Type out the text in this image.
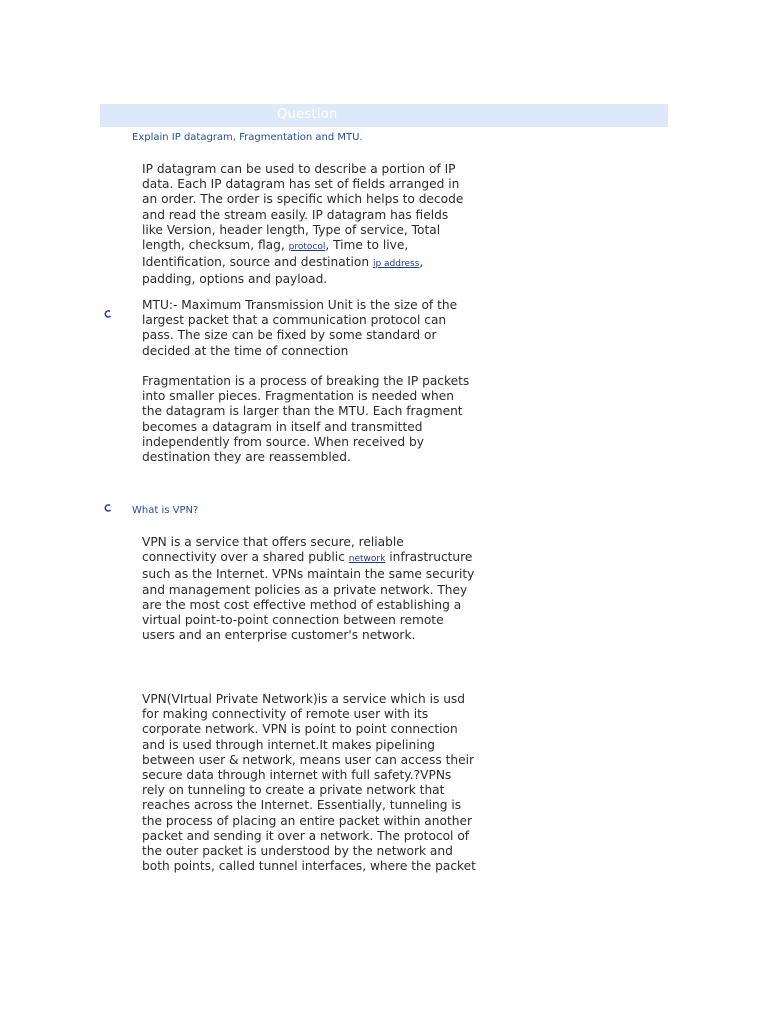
Question
Explain IP datagram, Fragmentation and MTU.

IP datagram can be used to describe a portion of IP
data. Each IP datagram has set of fields arranged in
an order. The order is specific which helps to decode
and read the stream easily. IP datagram has fields
like Version, header length, Type of service, Total
length, checksum, flag, protocol, Time to live,
Identification, source and destination ip address,
padding, options and payload.

MTU:- Maximum Transmission Unit is the size of the
largest packet that a communication protocol can
pass. The size can be fixed by some standard or
decided at the time of connection

Fragmentation is a process of breaking the IP packets
into smaller pieces. Fragmentation is needed when
the datagram is larger than the MTU. Each fragment
becomes a datagram in itself and transmitted
independently from source. When received by
destination they are reassembled.

What is VPN?

VPN is a service that offers secure, reliable
connectivity over a shared public network infrastructure
such as the Internet. VPNs maintain the same security
and management policies as a private network. They
are the most cost effective method of establishing a
virtual point-to-point connection between remote
users and an enterprise customer's network.

VPN(VIrtual Private Network)is a service which is usd
for making connectivity of remote user with its
corporate network. VPN is point to point connection
and is used through internet.It makes pipelining
between user & network, means user can access their
secure data through internet with full safety.?VPNs
rely on tunneling to create a private network that
reaches across the Internet. Essentially, tunneling is
the process of placing an entire packet within another
packet and sending it over a network. The protocol of
the outer packet is understood by the network and
both points, called tunnel interfaces, where the packet
